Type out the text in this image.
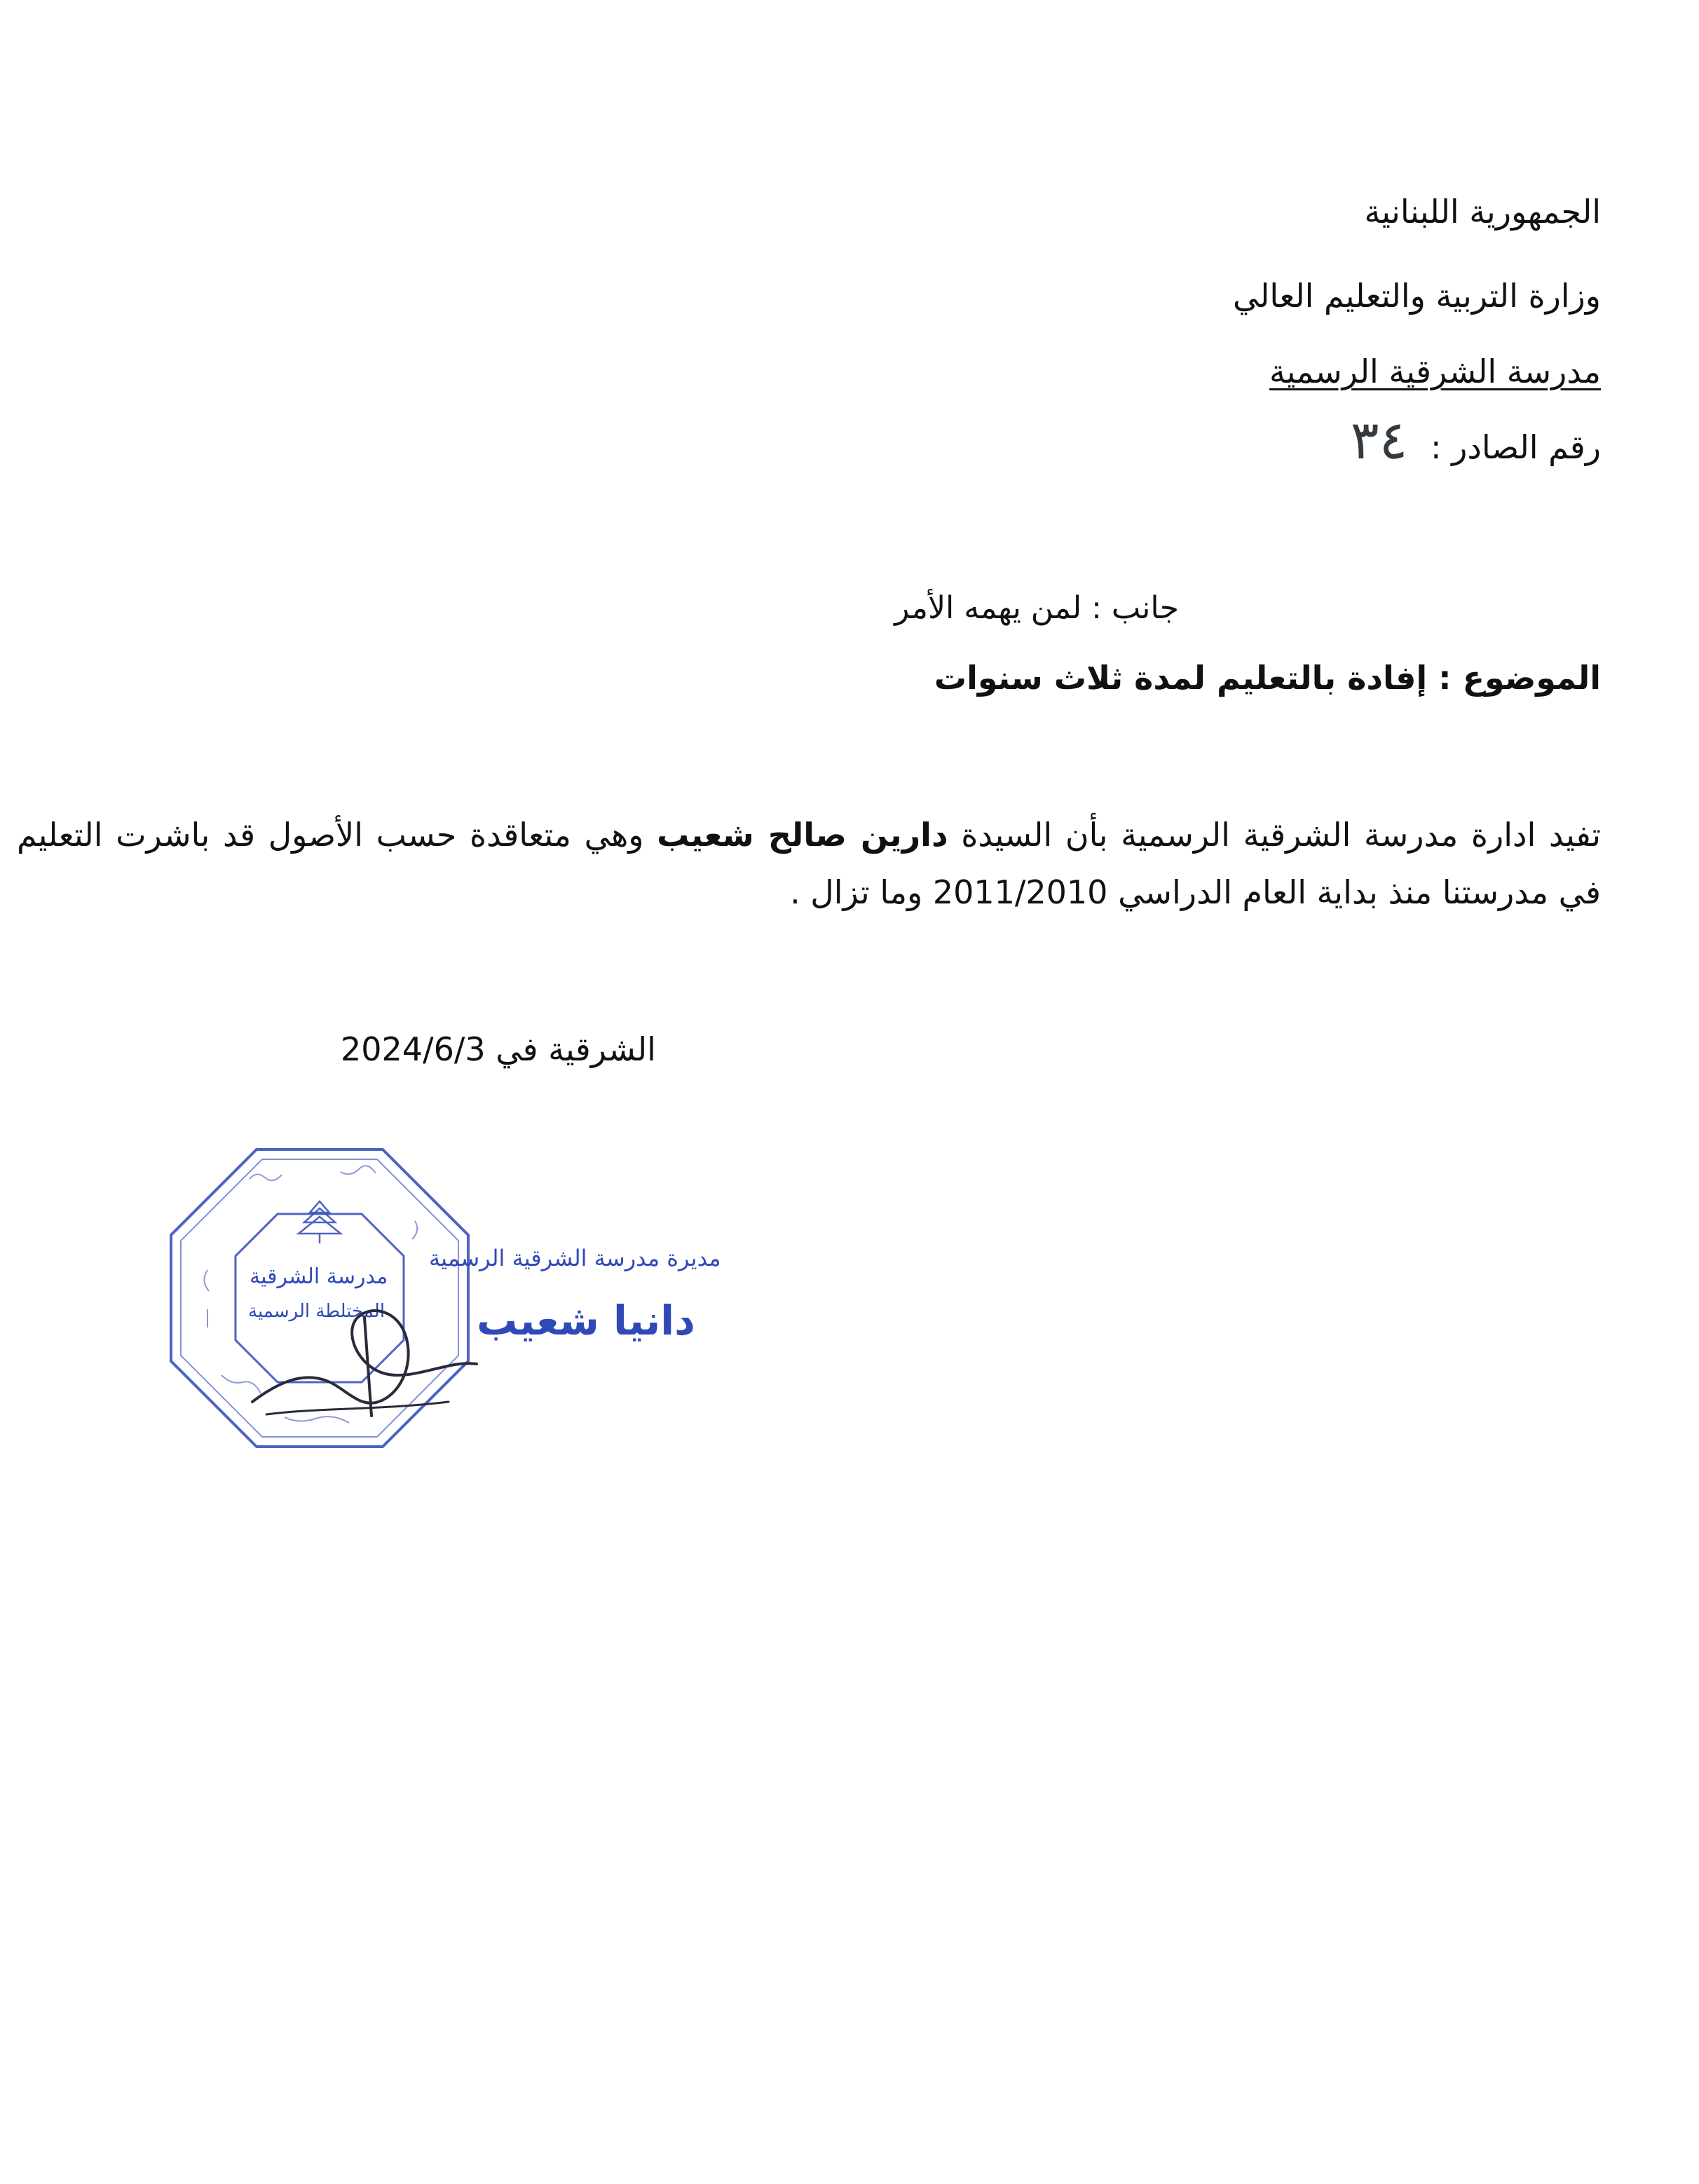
الجمهورية اللبنانية
وزارة التربية والتعليم العالي
مدرسة الشرقية الرسمية
رقم الصادر : ٣٤
جانب : لمن يهمه الأمر
الموضوع : إفادة بالتعليم لمدة ثلاث سنوات
تفيد ادارة مدرسة الشرقية الرسمية بأن السيدة دارين صالح شعيب وهي متعاقدة حسب الأصول قد باشرت التعليم في مدرستنا منذ بداية العام الدراسي 2011/2010 وما تزال .
الشرقية في 2024/6/3
مدرسة الشرقية
المختلطة الرسمية
مديرة مدرسة الشرقية الرسمية
دانيا شعيب
